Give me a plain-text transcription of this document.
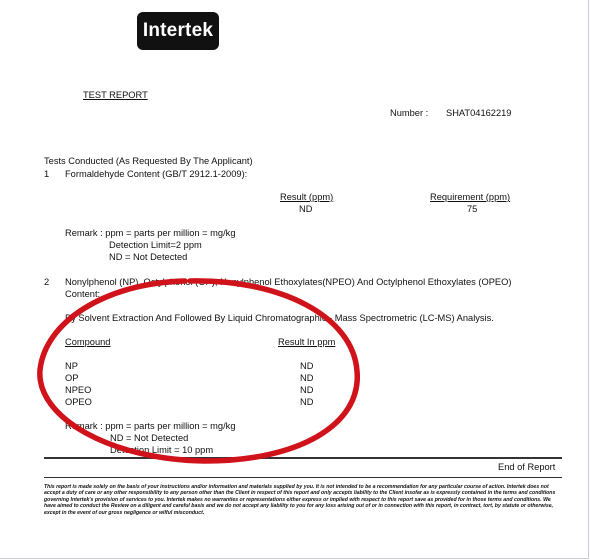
Intertek
TEST REPORT
Number : SHAT04162219
Tests Conducted (As Requested By The Applicant)
1 Formaldehyde Content (GB/T 2912.1-2009):
Result (ppm)	Requirement (ppm)
ND	75
Remark : ppm = parts per million = mg/kg
Detection Limit=2 ppm
ND = Not Detected
2 Nonylphenol (NP), Octylphenol (OP), Nonylphenol Ethoxylates(NPEO) And Octylphenol Ethoxylates (OPEO)
Content:
By Solvent Extraction And Followed By Liquid Chromatographic - Mass Spectrometric (LC-MS) Analysis.
Compound	Result In ppm
NP	ND
OP	ND
NPEO	ND
OPEO	ND
Remark : ppm = parts per million = mg/kg
ND = Not Detected
Detection Limit = 10 ppm
End of Report
This report is made solely on the basis of your instructions and/or information and materials supplied by you. It is not intended to be a recommendation for any particular course of action. Intertek does not accept a duty of care or any other responsibility to any person other than the Client in respect of this report and only accepts liability to the Client insofar as is expressly contained in the terms and conditions governing Intertek's provision of services to you. Intertek makes no warranties or representations either express or implied with respect to this report save as provided for in those terms and conditions. We have aimed to conduct the Review on a diligent and careful basis and we do not accept any liability to you for any loss arising out of or in connection with this report, in contract, tort, by statute or otherwise, except in the event of our gross negligence or wilful misconduct.
